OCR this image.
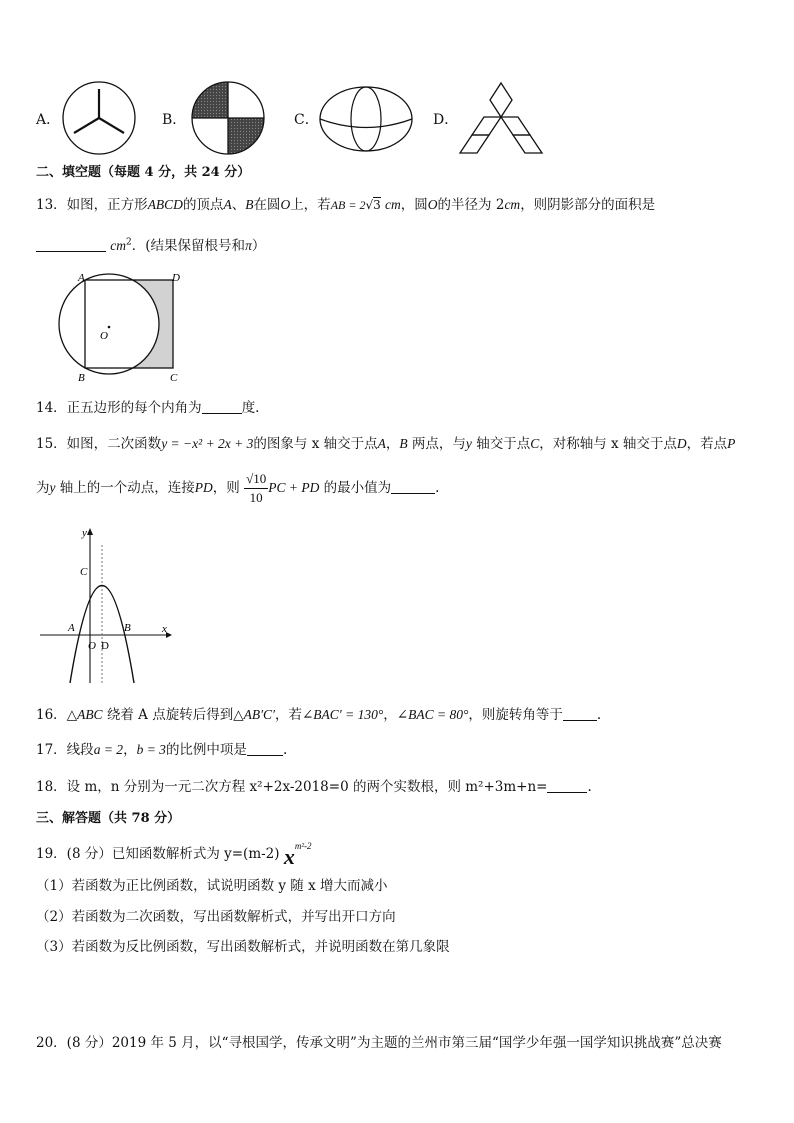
A．	B．	C．	D．
二、填空题（每题 4 分，共 24 分）
13．如图，正方形ABCD的顶点A、B在圆O上，若AB = 2√3 cm，圆O的半径为 2cm，则阴影部分的面积是
$cm^2$．(结果保留根号和π）
A	D
B	C
O
14．正五边形的每个内角为	度.
15．如图，二次函数y = −x² + 2x + 3的图象与 x 轴交于点A，B 两点，与y 轴交于点C，对称轴与 x 轴交于点D，若点P
为y 轴上的一个动点，连接PD，则 $\frac{√10}{10}$ PC + PD 的最小值为	.
y
x
C
A	B
O D
16．△ABC 绕着 A 点旋转后得到△AB′C′，若∠BAC′ = 130°，∠BAC = 80°，则旋转角等于	.
17．线段a = 2，b = 3的比例中项是	.
18．设 m，n 分别为一元二次方程 x²+2x-2018=0 的两个实数根，则 m²+3m+n=	.
三、解答题（共 78 分）
19．(8 分）已知函数解析式为 y=(m-2) $x^{m^2-2}$
（1）若函数为正比例函数，试说明函数 y 随 x 增大而减小
（2）若函数为二次函数，写出函数解析式，并写出开口方向
（3）若函数为反比例函数，写出函数解析式，并说明函数在第几象限
20．(8 分）2019 年 5 月，以“寻根国学，传承文明”为主题的兰州市第三届“国学少年强一国学知识挑战赛”总决赛
